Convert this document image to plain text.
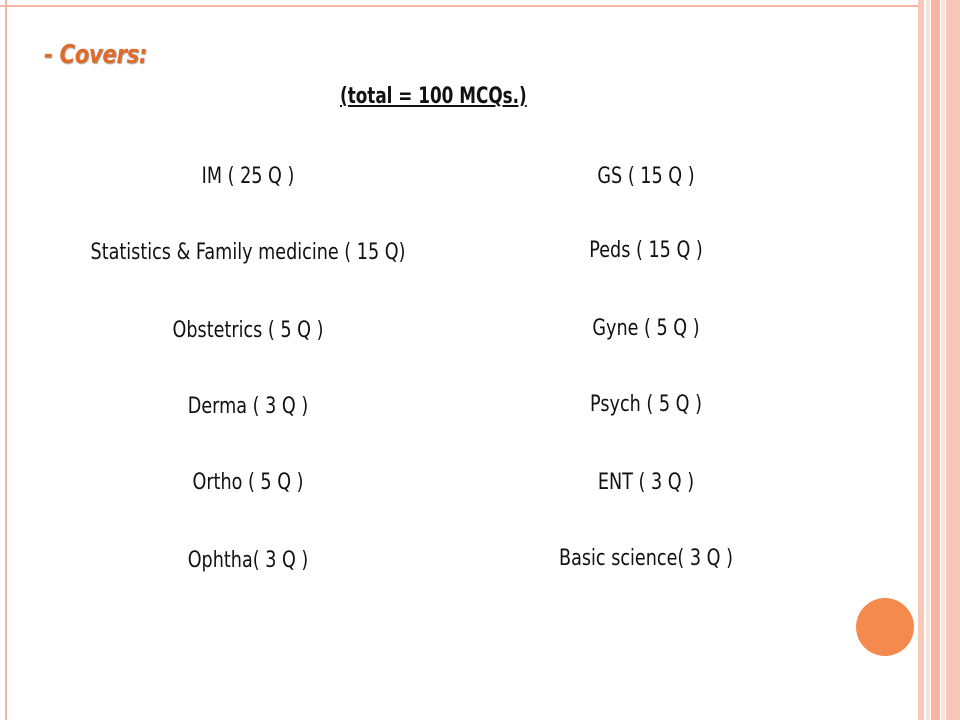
- Covers:
(total = 100 MCQs.)
IM ( 25 Q )
Statistics & Family medicine ( 15 Q)
Obstetrics ( 5 Q )
Derma ( 3 Q )
Ortho ( 5 Q )
Ophtha( 3 Q )
GS ( 15 Q )
Peds ( 15 Q )
Gyne ( 5 Q )
Psych ( 5 Q )
ENT ( 3 Q )
Basic science( 3 Q )
